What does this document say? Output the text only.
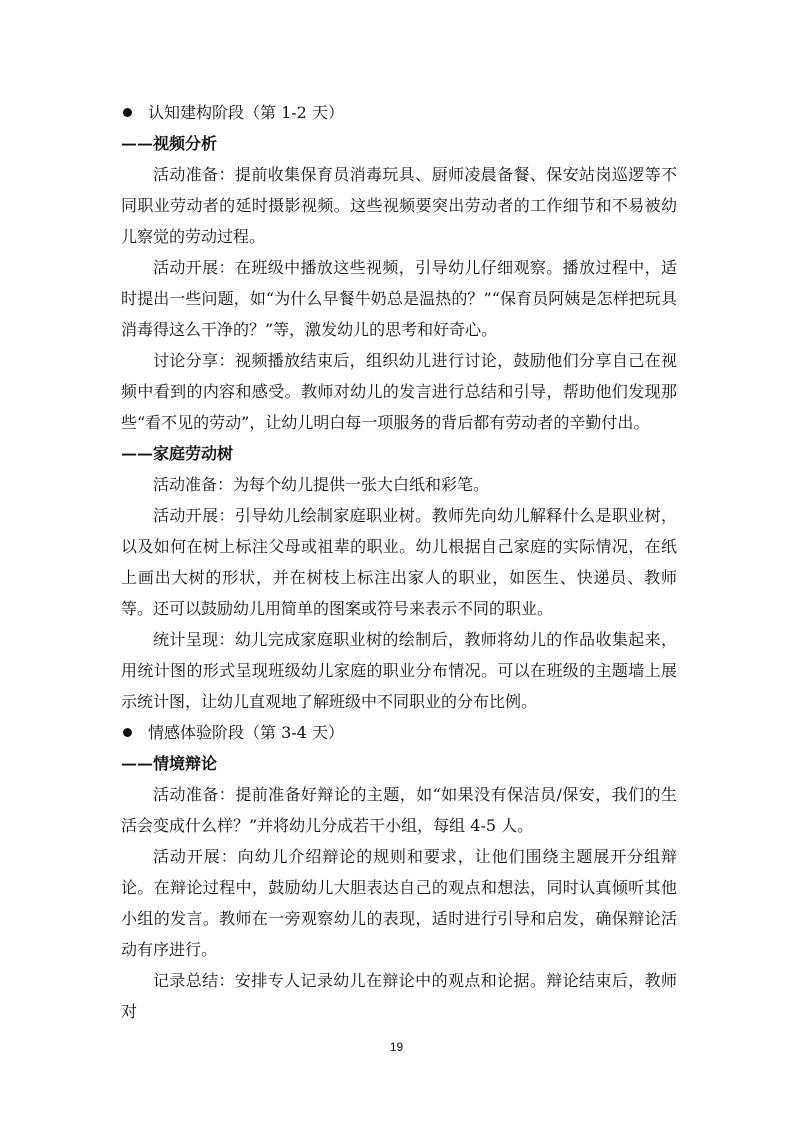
认知建构阶段（第 1-2 天）
——视频分析

活动准备：提前收集保育员消毒玩具、厨师凌晨备餐、保安站岗巡逻等不同职业劳动者的延时摄影视频。这些视频要突出劳动者的工作细节和不易被幼儿察觉的劳动过程。

活动开展：在班级中播放这些视频，引导幼儿仔细观察。播放过程中，适时提出一些问题，如“为什么早餐牛奶总是温热的？”“保育员阿姨是怎样把玩具消毒得这么干净的？”等，激发幼儿的思考和好奇心。

讨论分享：视频播放结束后，组织幼儿进行讨论，鼓励他们分享自己在视频中看到的内容和感受。教师对幼儿的发言进行总结和引导，帮助他们发现那些“看不见的劳动”，让幼儿明白每一项服务的背后都有劳动者的辛勤付出。

——家庭劳动树

活动准备：为每个幼儿提供一张大白纸和彩笔。

活动开展：引导幼儿绘制家庭职业树。教师先向幼儿解释什么是职业树，以及如何在树上标注父母或祖辈的职业。幼儿根据自己家庭的实际情况，在纸上画出大树的形状，并在树枝上标注出家人的职业，如医生、快递员、教师等。还可以鼓励幼儿用简单的图案或符号来表示不同的职业。

统计呈现：幼儿完成家庭职业树的绘制后，教师将幼儿的作品收集起来，用统计图的形式呈现班级幼儿家庭的职业分布情况。可以在班级的主题墙上展示统计图，让幼儿直观地了解班级中不同职业的分布比例。

情感体验阶段（第 3-4 天）
——情境辩论

活动准备：提前准备好辩论的主题，如“如果没有保洁员/保安，我们的生活会变成什么样？”并将幼儿分成若干小组，每组 4-5 人。

活动开展：向幼儿介绍辩论的规则和要求，让他们围绕主题展开分组辩论。在辩论过程中，鼓励幼儿大胆表达自己的观点和想法，同时认真倾听其他小组的发言。教师在一旁观察幼儿的表现，适时进行引导和启发，确保辩论活动有序进行。

记录总结：安排专人记录幼儿在辩论中的观点和论据。辩论结束后，教师对

19
